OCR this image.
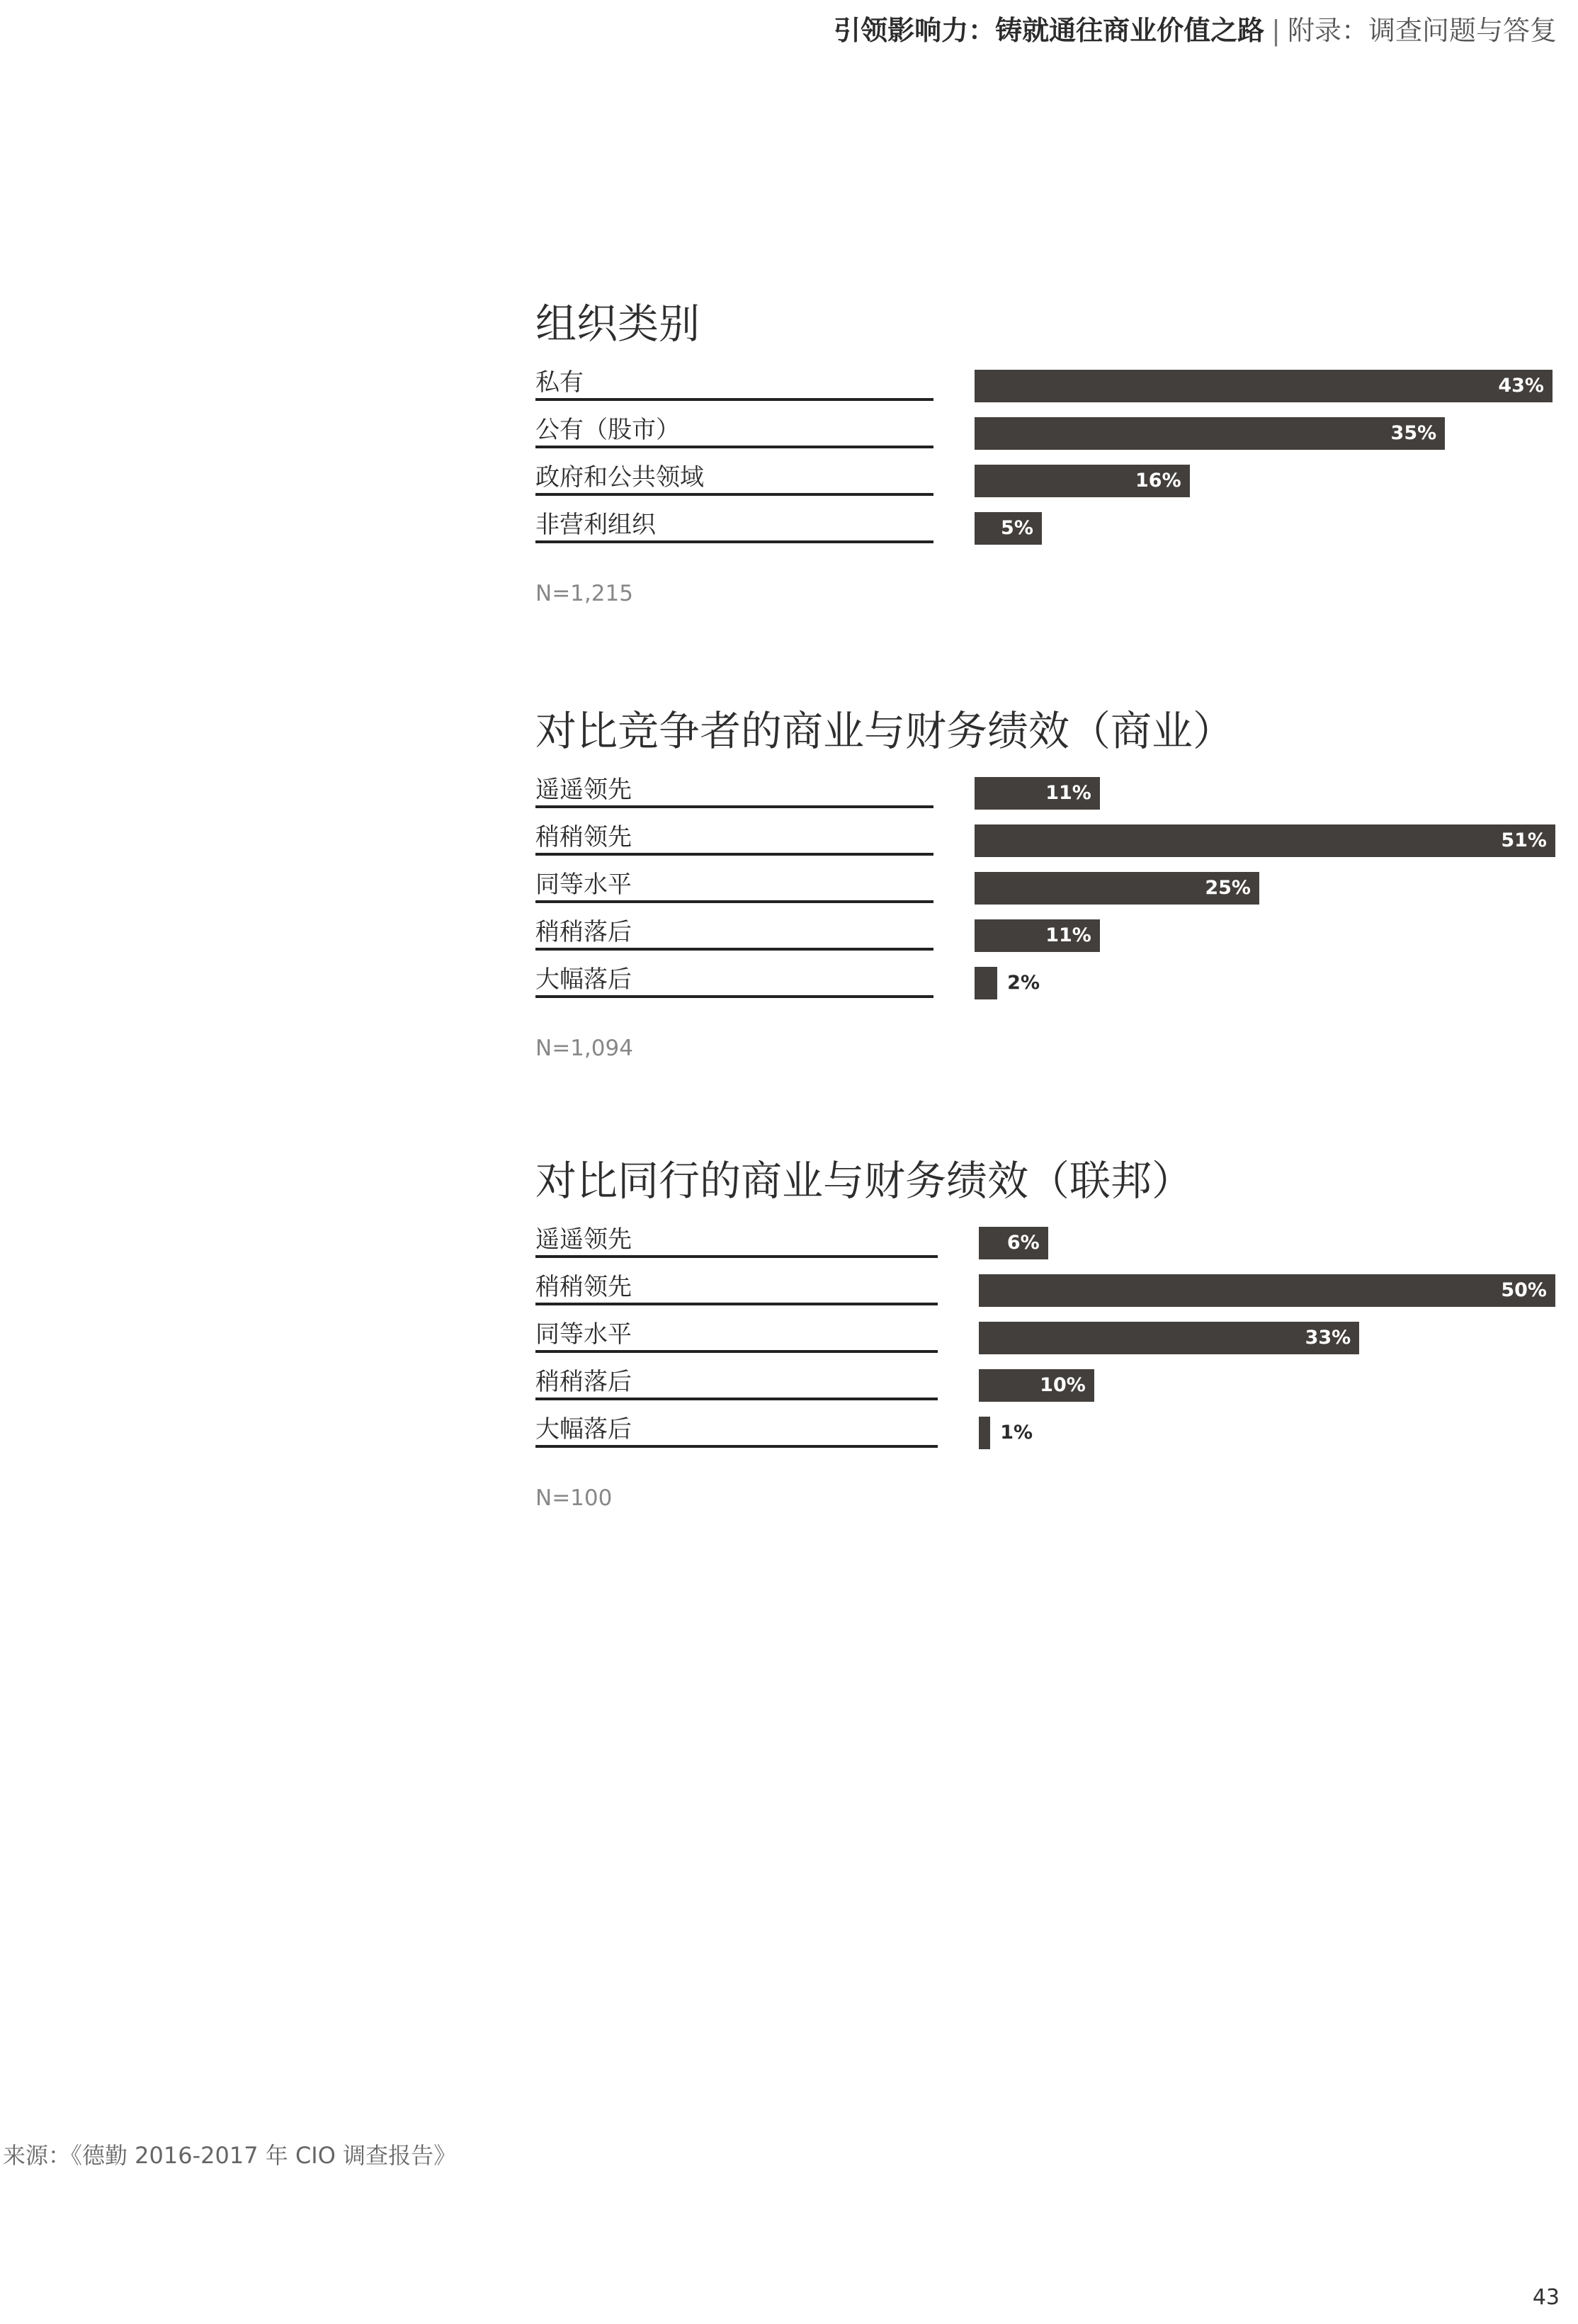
引领影响力：铸就通往商业价值之路 | 附录：调查问题与答复
组织类别
私有	43%
公有（股市）	35%
政府和公共领域	16%
非营利组织	5%
N=1,215
对比竞争者的商业与财务绩效（商业）
遥遥领先	11%
稍稍领先	51%
同等水平	25%
稍稍落后	11%
大幅落后	2%
N=1,094
对比同行的商业与财务绩效（联邦）
遥遥领先	6%
稍稍领先	50%
同等水平	33%
稍稍落后	10%
大幅落后	1%
N=100
来源：《德勤 2016-2017 年 CIO 调查报告》
43
